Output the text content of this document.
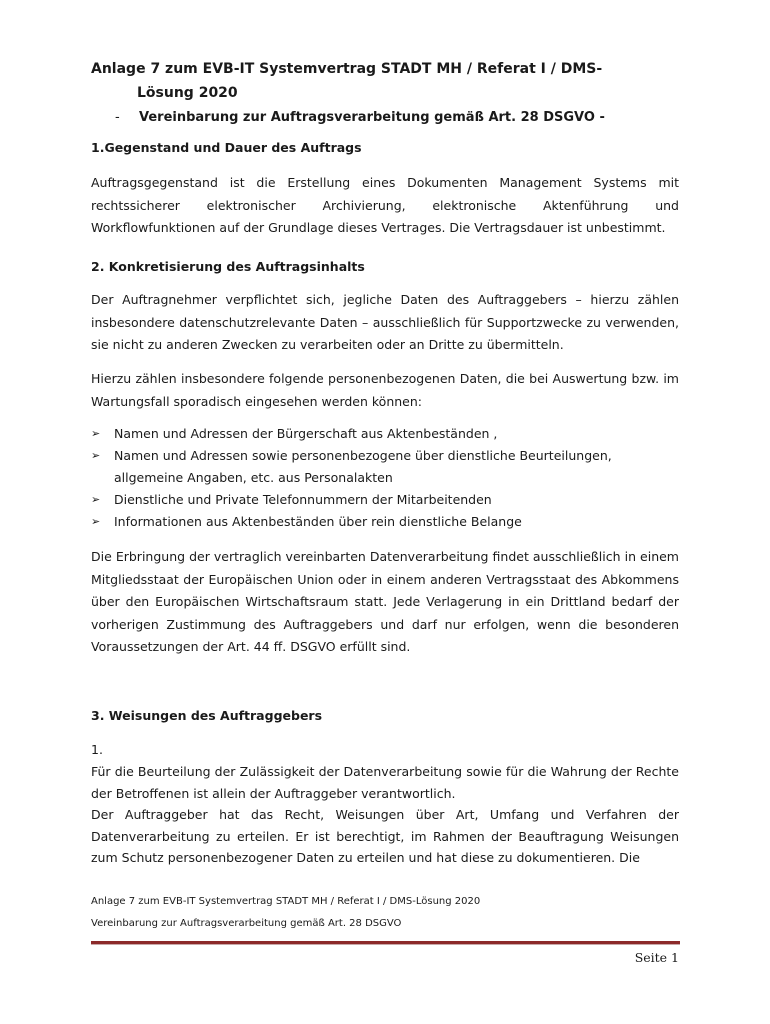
Anlage 7 zum EVB-IT Systemvertrag STADT MH / Referat I / DMS-
Lösung 2020
- Vereinbarung zur Auftragsverarbeitung gemäß Art. 28 DSGVO -
1.Gegenstand und Dauer des Auftrags
Auftragsgegenstand ist die Erstellung eines Dokumenten Management Systems mit rechtssicherer elektronischer Archivierung, elektronische Aktenführung und Workflowfunktionen auf der Grundlage dieses Vertrages. Die Vertragsdauer ist unbestimmt.
2. Konkretisierung des Auftragsinhalts
Der Auftragnehmer verpflichtet sich, jegliche Daten des Auftraggebers – hierzu zählen insbesondere datenschutzrelevante Daten – ausschließlich für Supportzwecke zu verwenden, sie nicht zu anderen Zwecken zu verarbeiten oder an Dritte zu übermitteln.
Hierzu zählen insbesondere folgende personenbezogenen Daten, die bei Auswertung bzw. im Wartungsfall sporadisch eingesehen werden können:
➢ Namen und Adressen der Bürgerschaft aus Aktenbeständen ,
➢ Namen und Adressen sowie personenbezogene über dienstliche Beurteilungen, allgemeine Angaben, etc. aus Personalakten
➢ Dienstliche und Private Telefonnummern der Mitarbeitenden
➢ Informationen aus Aktenbeständen über rein dienstliche Belange
Die Erbringung der vertraglich vereinbarten Datenverarbeitung findet ausschließlich in einem Mitgliedsstaat der Europäischen Union oder in einem anderen Vertragsstaat des Abkommens über den Europäischen Wirtschaftsraum statt. Jede Verlagerung in ein Drittland bedarf der vorherigen Zustimmung des Auftraggebers und darf nur erfolgen, wenn die besonderen Voraussetzungen der Art. 44 ff. DSGVO erfüllt sind.
3. Weisungen des Auftraggebers
1.
Für die Beurteilung der Zulässigkeit der Datenverarbeitung sowie für die Wahrung der Rechte der Betroffenen ist allein der Auftraggeber verantwortlich.
Der Auftraggeber hat das Recht, Weisungen über Art, Umfang und Verfahren der Datenverarbeitung zu erteilen. Er ist berechtigt, im Rahmen der Beauftragung Weisungen zum Schutz personenbezogener Daten zu erteilen und hat diese zu dokumentieren. Die
Anlage 7 zum EVB-IT Systemvertrag STADT MH / Referat I / DMS-Lösung 2020
Vereinbarung zur Auftragsverarbeitung gemäß Art. 28 DSGVO
Seite 1
